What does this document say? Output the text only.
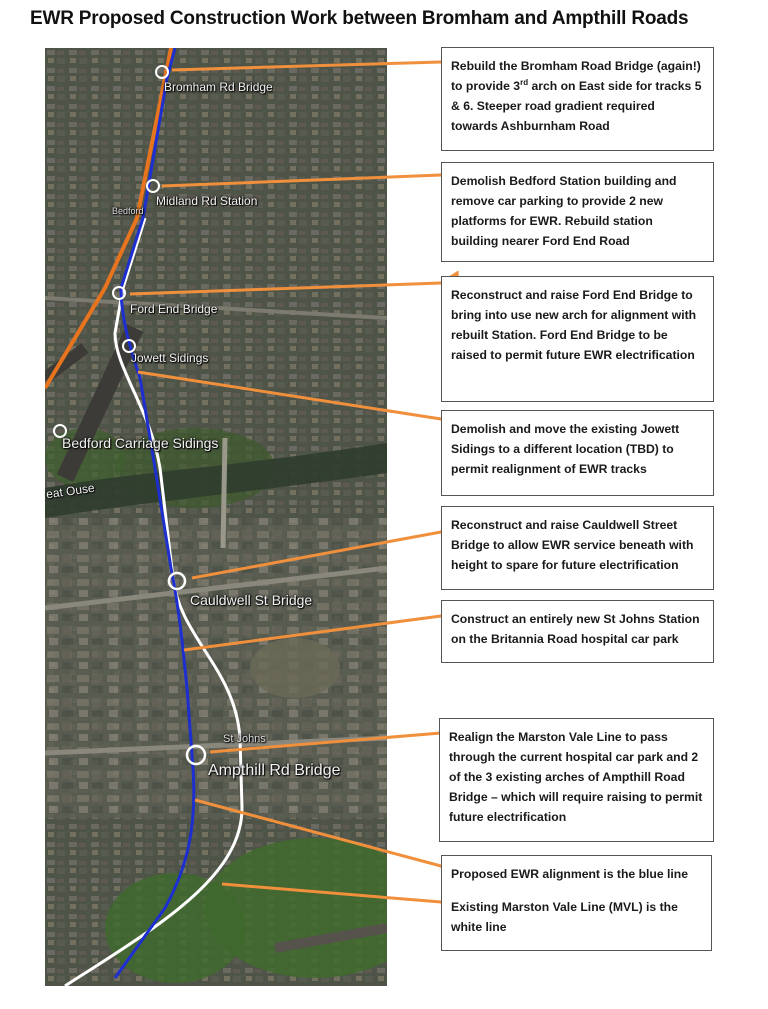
EWR Proposed Construction Work between Bromham and Ampthill Roads
Bromham Rd Bridge
Midland Rd Station
Bedford
Ford End Bridge
Jowett Sidings
Bedford Carriage Sidings
eat Ouse
Cauldwell St Bridge
St Johns
Ampthill Rd Bridge

Rebuild the Bromham Road Bridge (again!) to provide 3rd arch on East side for tracks 5 & 6. Steeper road gradient required towards Ashburnham Road

Demolish Bedford Station building and remove car parking to provide 2 new platforms for EWR. Rebuild station building nearer Ford End Road

Reconstruct and raise Ford End Bridge to bring into use new arch for alignment with rebuilt Station. Ford End Bridge to be raised to permit future EWR electrification

Demolish and move the existing Jowett Sidings to a different location (TBD) to permit realignment of EWR tracks

Reconstruct and raise Cauldwell Street Bridge to allow EWR service beneath with height to spare for future electrification

Construct an entirely new St Johns Station on the Britannia Road hospital car park

Realign the Marston Vale Line to pass through the current hospital car park and 2 of the 3 existing arches of Ampthill Road Bridge – which will require raising to permit future electrification

Proposed EWR alignment is the blue line

Existing Marston Vale Line (MVL) is the white line
